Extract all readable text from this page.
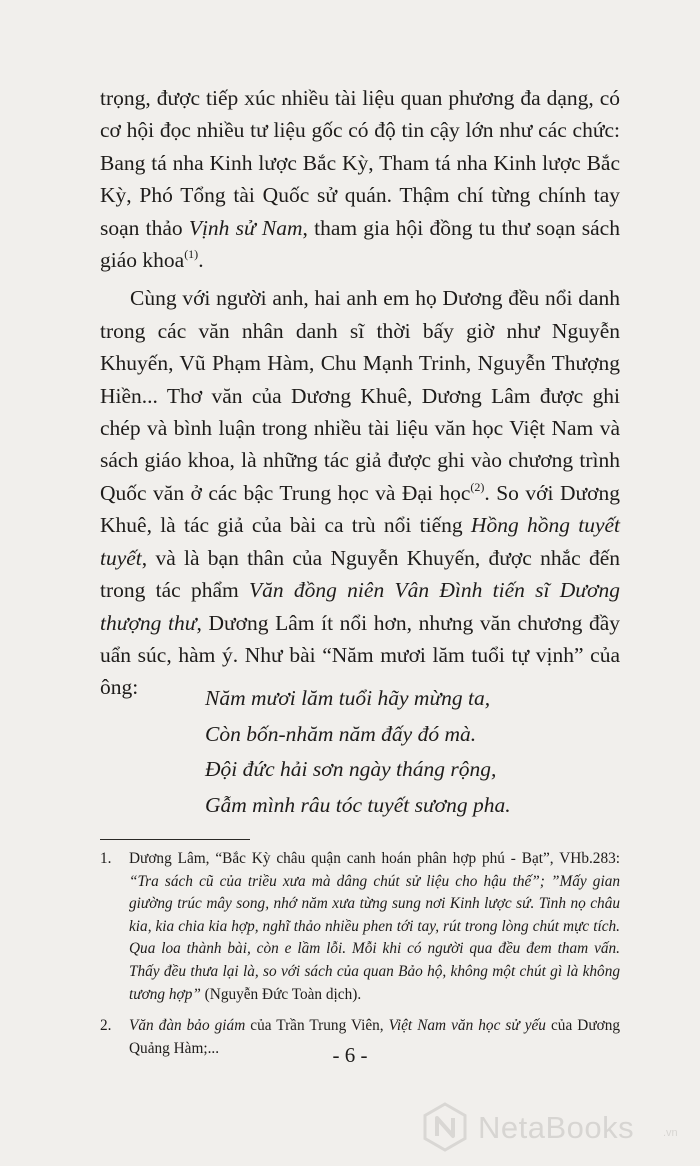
trọng, được tiếp xúc nhiều tài liệu quan phương đa dạng, có cơ hội đọc nhiều tư liệu gốc có độ tin cậy lớn như các chức: Bang tá nha Kinh lược Bắc Kỳ, Tham tá nha Kinh lược Bắc Kỳ, Phó Tổng tài Quốc sử quán. Thậm chí từng chính tay soạn thảo Vịnh sử Nam, tham gia hội đồng tu thư soạn sách giáo khoa$^{(1)}$.

Cùng với người anh, hai anh em họ Dương đều nổi danh trong các văn nhân danh sĩ thời bấy giờ như Nguyễn Khuyến, Vũ Phạm Hàm, Chu Mạnh Trinh, Nguyễn Thượng Hiền... Thơ văn của Dương Khuê, Dương Lâm được ghi chép và bình luận trong nhiều tài liệu văn học Việt Nam và sách giáo khoa, là những tác giả được ghi vào chương trình Quốc văn ở các bậc Trung học và Đại học$^{(2)}$. So với Dương Khuê, là tác giả của bài ca trù nổi tiếng Hồng hồng tuyết tuyết, và là bạn thân của Nguyễn Khuyến, được nhắc đến trong tác phẩm Văn đồng niên Vân Đình tiến sĩ Dương thượng thư, Dương Lâm ít nổi hơn, nhưng văn chương đầy uẩn súc, hàm ý. Như bài “Năm mươi lăm tuổi tự vịnh” của ông:	Năm mươi lăm tuổi hãy mừng ta,
Còn bốn-nhăm năm đấy đó mà.
Đội đức hải sơn ngày tháng rộng,
Gẫm mình râu tóc tuyết sương pha.
1. Dương Lâm, “Bắc Kỳ châu quận canh hoán phân hợp phú - Bạt”, VHb.283: “Tra sách cũ của triều xưa mà dâng chút sử liệu cho hậu thế”; ”Mấy gian giường trúc mây song, nhớ năm xưa từng sung nơi Kinh lược sứ. Tinh nọ châu kia, kia chia kia hợp, nghĩ thảo nhiều phen tới tay, rút trong lòng chút mực tích. Qua loa thành bài, còn e lầm lỗi. Mỗi khi có người qua đều đem tham vấn. Thấy đều thưa lại là, so với sách của quan Bảo hộ, không một chút gì là không tương hợp” (Nguyễn Đức Toàn dịch).
2. Văn đàn bảo giám của Trần Trung Viên, Việt Nam văn học sử yếu của Dương Quảng Hàm;...	- 6 -
NetaBooks	.vn
